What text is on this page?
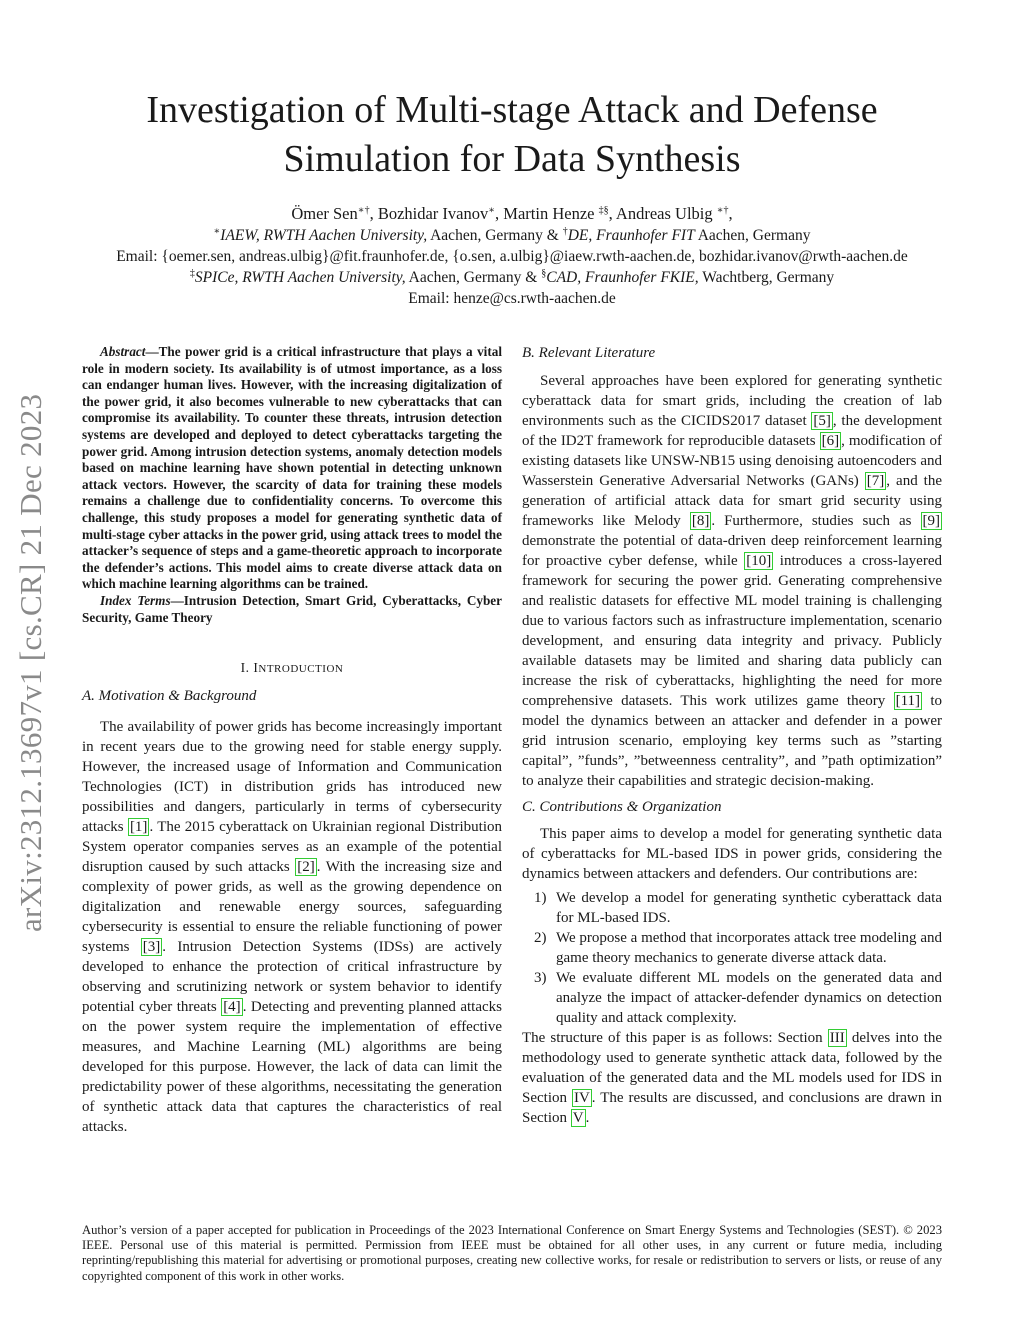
Investigation of Multi-stage Attack and Defense
Simulation for Data Synthesis
Ömer Sen∗†, Bozhidar Ivanov∗, Martin Henze ‡§, Andreas Ulbig ∗†,
∗IAEW, RWTH Aachen University, Aachen, Germany & †DE, Fraunhofer FIT Aachen, Germany
Email: {oemer.sen, andreas.ulbig}@fit.fraunhofer.de, {o.sen, a.ulbig}@iaew.rwth-aachen.de, bozhidar.ivanov@rwth-aachen.de
‡SPICe, RWTH Aachen University, Aachen, Germany & §CAD, Fraunhofer FKIE, Wachtberg, Germany
Email: henze@cs.rwth-aachen.de
arXiv:2312.13697v1 [cs.CR] 21 Dec 2023

Abstract—The power grid is a critical infrastructure that plays a vital role in modern society. Its availability is of utmost importance, as a loss can endanger human lives. However, with the increasing digitalization of the power grid, it also becomes vulnerable to new cyberattacks that can compromise its availability. To counter these threats, intrusion detection systems are developed and deployed to detect cyberattacks targeting the power grid. Among intrusion detection systems, anomaly detection models based on machine learning have shown potential in detecting unknown attack vectors. However, the scarcity of data for training these models remains a challenge due to confidentiality concerns. To overcome this challenge, this study proposes a model for generating synthetic data of multi-stage cyber attacks in the power grid, using attack trees to model the attacker’s sequence of steps and a game-theoretic approach to incorporate the defender’s actions. This model aims to create diverse attack data on which machine learning algorithms can be trained.

Index Terms—Intrusion Detection, Smart Grid, Cyberattacks, Cyber Security, Game Theory

I. INTRODUCTION
A. Motivation & Background

The availability of power grids has become increasingly important in recent years due to the growing need for stable energy supply. However, the increased usage of Information and Communication Technologies (ICT) in distribution grids has introduced new possibilities and dangers, particularly in terms of cybersecurity attacks [1] . The 2015 cyberattack on Ukrainian regional Distribution System operator companies serves as an example of the potential disruption caused by such attacks [2] . With the increasing size and complexity of power grids, as well as the growing dependence on digitalization and renewable energy sources, safeguarding cybersecurity is essential to ensure the reliable functioning of power systems [3] . Intrusion Detection Systems (IDSs) are actively developed to enhance the protection of critical infrastructure by observing and scrutinizing network or system behavior to identify potential cyber threats [4] . Detecting and preventing planned attacks on the power system require the implementation of effective measures, and Machine Learning (ML) algorithms are being developed for this purpose. However, the lack of data can limit the predictability power of these algorithms, necessitating the generation of synthetic attack data that captures the characteristics of real attacks.

B. Relevant Literature

Several approaches have been explored for generating synthetic cyberattack data for smart grids, including the creation of lab environments such as the CICIDS2017 dataset [5] , the development of the ID2T framework for reproducible datasets [6] , modification of existing datasets like UNSW-NB15 using denoising autoencoders and Wasserstein Generative Adversarial Networks (GANs) [7] , and the generation of artificial attack data for smart grid security using frameworks like Melody [8] . Furthermore, studies such as [9] demonstrate the potential of data-driven deep reinforcement learning for proactive cyber defense, while [10] introduces a cross-layered framework for securing the power grid. Generating comprehensive and realistic datasets for effective ML model training is challenging due to various factors such as infrastructure implementation, scenario development, and ensuring data integrity and privacy. Publicly available datasets may be limited and sharing data publicly can increase the risk of cyberattacks, highlighting the need for more comprehensive datasets. This work utilizes game theory [11] to model the dynamics between an attacker and defender in a power grid intrusion scenario, employing key terms such as ”starting capital”, ”funds”, ”betweenness centrality”, and ”path optimization” to analyze their capabilities and strategic decision-making.

C. Contributions & Organization

This paper aims to develop a model for generating synthetic data of cyberattacks for ML-based IDS in power grids, considering the dynamics between attackers and defenders. Our contributions are:

1) We develop a model for generating synthetic cyberattack data for ML-based IDS.
2) We propose a method that incorporates attack tree modeling and game theory mechanics to generate diverse attack data.
3) We evaluate different ML models on the generated data and analyze the impact of attacker-defender dynamics on detection quality and attack complexity.

The structure of this paper is as follows: Section III delves into the methodology used to generate synthetic attack data, followed by the evaluation of the generated data and the ML models used for IDS in Section IV . The results are discussed, and conclusions are drawn in Section V .

Author’s version of a paper accepted for publication in Proceedings of the 2023 International Conference on Smart Energy Systems and Technologies (SEST). © 2023 IEEE. Personal use of this material is permitted. Permission from IEEE must be obtained for all other uses, in any current or future media, including reprinting/republishing this material for advertising or promotional purposes, creating new collective works, for resale or redistribution to servers or lists, or reuse of any copyrighted component of this work in other works.
